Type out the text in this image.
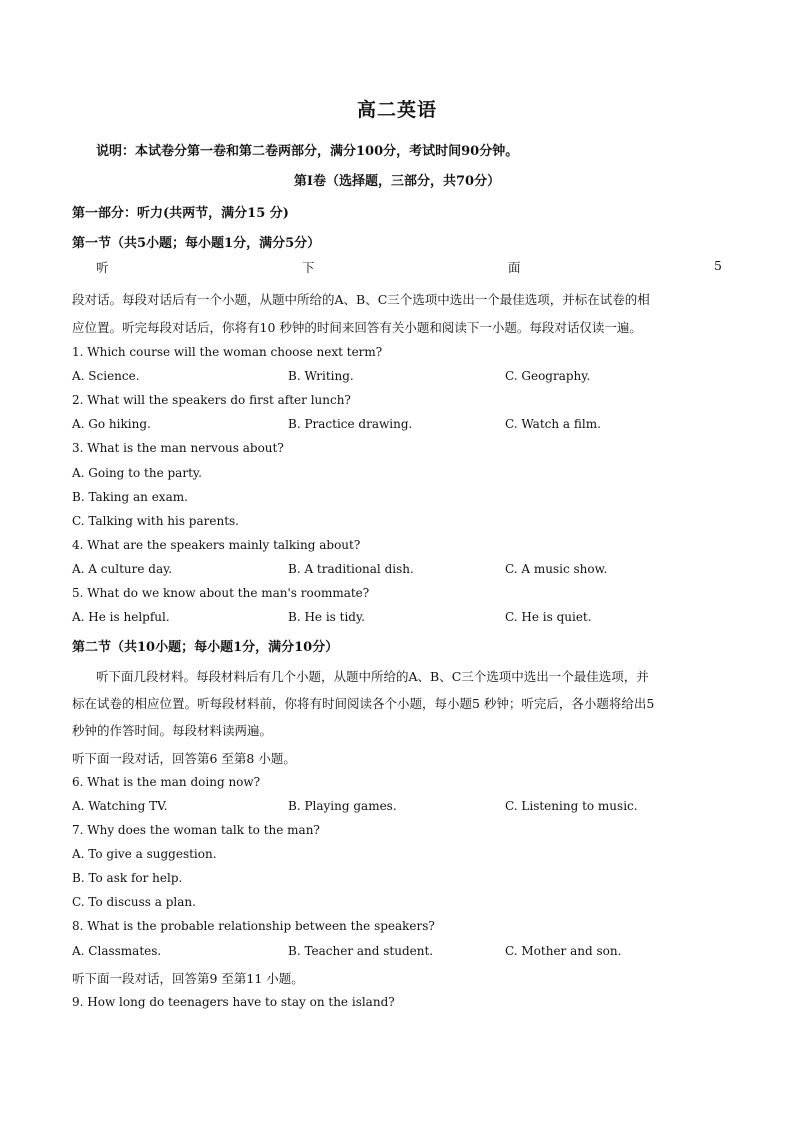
高二英语
说明：本试卷分第一卷和第二卷两部分，满分100分，考试时间90分钟。
第I卷（选择题，三部分，共70分）
第一部分：听力(共两节，满分15 分)
第一节（共5小题；每小题1分，满分5分）
听	下	面	5
段对话。每段对话后有一个小题，从题中所给的A、B、C三个选项中选出一个最佳选项，并标在试卷的相
应位置。听完每段对话后，你将有10 秒钟的时间来回答有关小题和阅读下一小题。每段对话仅读一遍。
1. Which course will the woman choose next term?
A. Science.	B. Writing.	C. Geography.
2. What will the speakers do first after lunch?
A. Go hiking.	B. Practice drawing.	C. Watch a film.
3. What is the man nervous about?
A. Going to the party.
B. Taking an exam.
C. Talking with his parents.
4. What are the speakers mainly talking about?
A. A culture day.	B. A traditional dish.	C. A music show.
5. What do we know about the man's roommate?
A. He is helpful.	B. He is tidy.	C. He is quiet.
第二节（共10小题；每小题1分，满分10分）
听下面几段材料。每段材料后有几个小题，从题中所给的A、B、C三个选项中选出一个最佳选项，并
标在试卷的相应位置。听每段材料前，你将有时间阅读各个小题，每小题5 秒钟；听完后，各小题将给出5
秒钟的作答时间。每段材料读两遍。
听下面一段对话，回答第6 至第8 小题。
6. What is the man doing now?
A. Watching TV.	B. Playing games.	C. Listening to music.
7. Why does the woman talk to the man?
A. To give a suggestion.
B. To ask for help.
C. To discuss a plan.
8. What is the probable relationship between the speakers?
A. Classmates.	B. Teacher and student.	C. Mother and son.
听下面一段对话，回答第9 至第11 小题。
9. How long do teenagers have to stay on the island?
